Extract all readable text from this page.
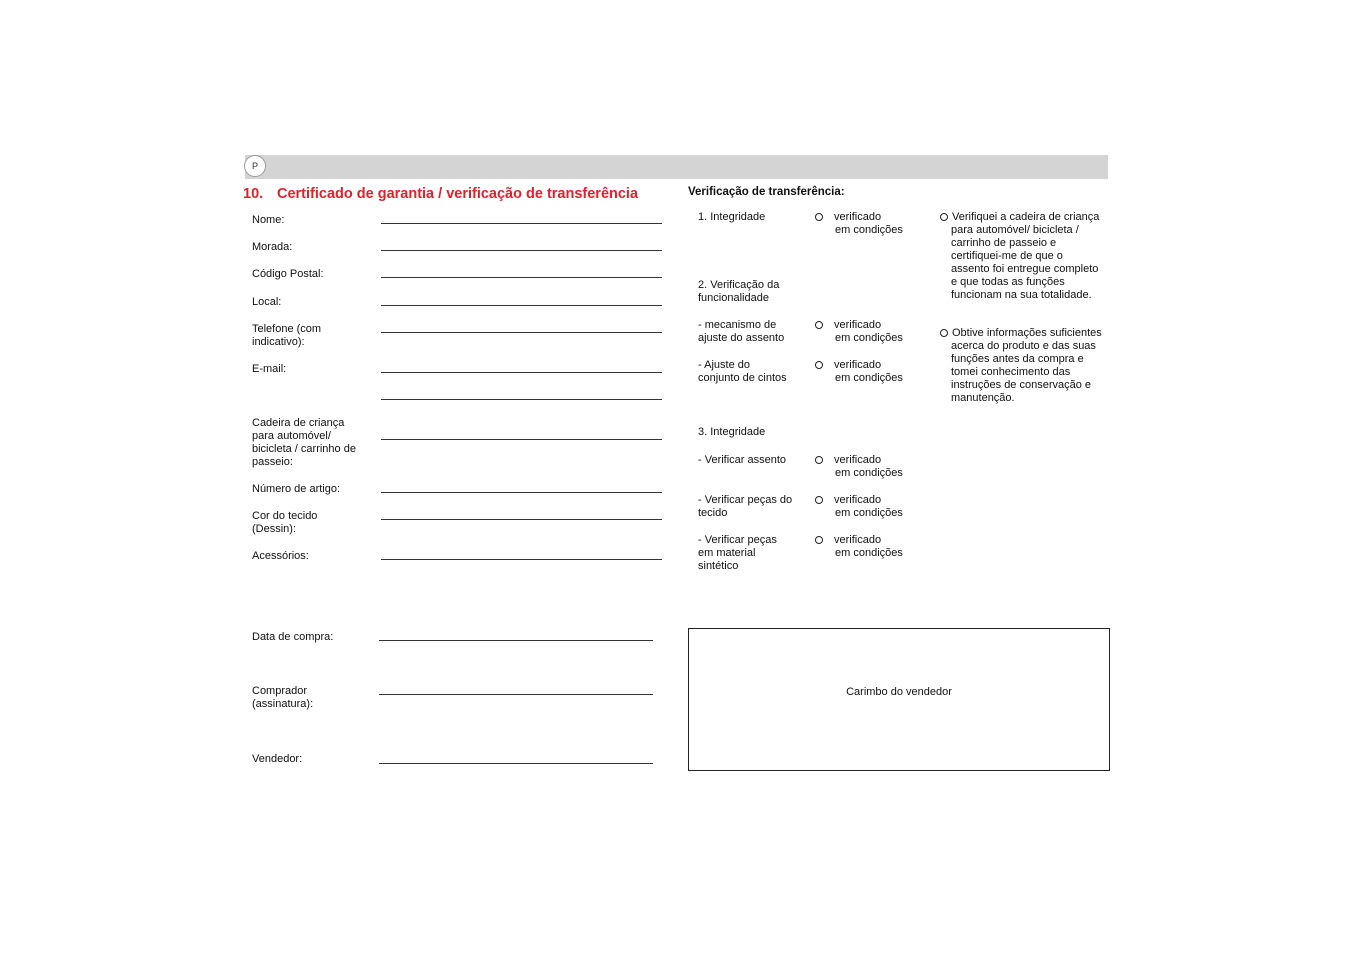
P
10. Certificado de garantia / verificação de transferência
Nome:
Morada:
Código Postal:
Local:
Telefone (com indicativo):
E-mail:
Cadeira de criança para automóvel/ bicicleta / carrinho de passeio:
Número de artigo:
Cor do tecido (Dessin):
Acessórios:
Data de compra:
Comprador (assinatura):
Vendedor:
Verificação de transferência:
1. Integridade	verificado
em condições
2. Verificação da funcionalidade
- mecanismo de ajuste do assento
verificado
em condições
- Ajuste do conjunto de cintos
verificado
em condições
3. Integridade
- Verificar assento	verificado
em condições
- Verificar peças do tecido
verificado
em condições
- Verificar peças em material sintético
verificado
em condições
Verifiquei a cadeira de criança para automóvel/ bicicleta / carrinho de passeio e certifiquei-me de que o assento foi entregue completo e que todas as funções funcionam na sua totalidade.
Obtive informações suficientes acerca do produto e das suas funções antes da compra e tomei conhecimento das instruções de conservação e manutenção.
Carimbo do vendedor
